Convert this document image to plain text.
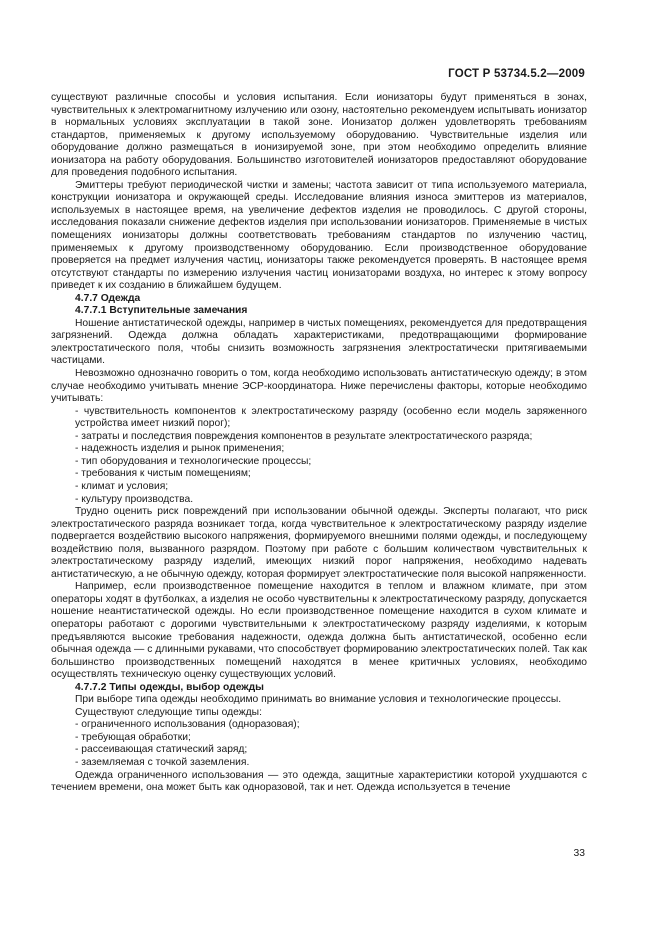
ГОСТ Р 53734.5.2—2009

существуют различные способы и условия испытания. Если ионизаторы будут применяться в зонах, чувствительных к электромагнитному излучению или озону, настоятельно рекомендуем испытывать ионизатор в нормальных условиях эксплуатации в такой зоне. Ионизатор должен удовлетворять требованиям стандартов, применяемых к другому используемому оборудованию. Чувствительные изделия или оборудование должно размещаться в ионизируемой зоне, при этом необходимо определить влияние ионизатора на работу оборудования. Большинство изготовителей ионизаторов предоставляют оборудование для проведения подобного испытания.

Эмиттеры требуют периодической чистки и замены; частота зависит от типа используемого материала, конструкции ионизатора и окружающей среды. Исследование влияния износа эмиттеров из материалов, используемых в настоящее время, на увеличение дефектов изделия не проводилось. С другой стороны, исследования показали снижение дефектов изделия при использовании ионизаторов. Применяемые в чистых помещениях ионизаторы должны соответствовать требованиям стандартов по излучению частиц, применяемых к другому производственному оборудованию. Если производственное оборудование проверяется на предмет излучения частиц, ионизаторы также рекомендуется проверять. В настоящее время отсутствуют стандарты по измерению излучения частиц ионизаторами воздуха, но интерес к этому вопросу приведет к их созданию в ближайшем будущем.

4.7.7 Одежда

4.7.7.1 Вступительные замечания

Ношение антистатической одежды, например в чистых помещениях, рекомендуется для предотвращения загрязнений. Одежда должна обладать характеристиками, предотвращающими формирование электростатического поля, чтобы снизить возможность загрязнения электростатически притягиваемыми частицами.

Невозможно однозначно говорить о том, когда необходимо использовать антистатическую одежду; в этом случае необходимо учитывать мнение ЭСР-координатора. Ниже перечислены факторы, которые необходимо учитывать:

- чувствительность компонентов к электростатическому разряду (особенно если модель заряженного устройства имеет низкий порог);

- затраты и последствия повреждения компонентов в результате электростатического разряда;

- надежность изделия и рынок применения;

- тип оборудования и технологические процессы;

- требования к чистым помещениям;

- климат и условия;

- культуру производства.

Трудно оценить риск повреждений при использовании обычной одежды. Эксперты полагают, что риск электростатического разряда возникает тогда, когда чувствительное к электростатическому разряду изделие подвергается воздействию высокого напряжения, формируемого внешними полями одежды, и последующему воздействию поля, вызванного разрядом. Поэтому при работе с большим количеством чувствительных к электростатическому разряду изделий, имеющих низкий порог напряжения, необходимо надевать антистатическую, а не обычную одежду, которая формирует электростатические поля высокой напряженности.

Например, если производственное помещение находится в теплом и влажном климате, при этом операторы ходят в футболках, а изделия не особо чувствительны к электростатическому разряду, допускается ношение неантистатической одежды. Но если производственное помещение находится в сухом климате и операторы работают с дорогими чувствительными к электростатическому разряду изделиями, к которым предъявляются высокие требования надежности, одежда должна быть антистатической, особенно если обычная одежда — с длинными рукавами, что способствует формированию электростатических полей. Так как большинство производственных помещений находятся в менее критичных условиях, необходимо осуществлять техническую оценку существующих условий.

4.7.7.2 Типы одежды, выбор одежды

При выборе типа одежды необходимо принимать во внимание условия и технологические процессы.

Существуют следующие типы одежды:

- ограниченного использования (одноразовая);

- требующая обработки;

- рассеивающая статический заряд;

- заземляемая с точкой заземления.

Одежда ограниченного использования — это одежда, защитные характеристики которой ухудшаются с течением времени, она может быть как одноразовой, так и нет. Одежда используется в течение

33
